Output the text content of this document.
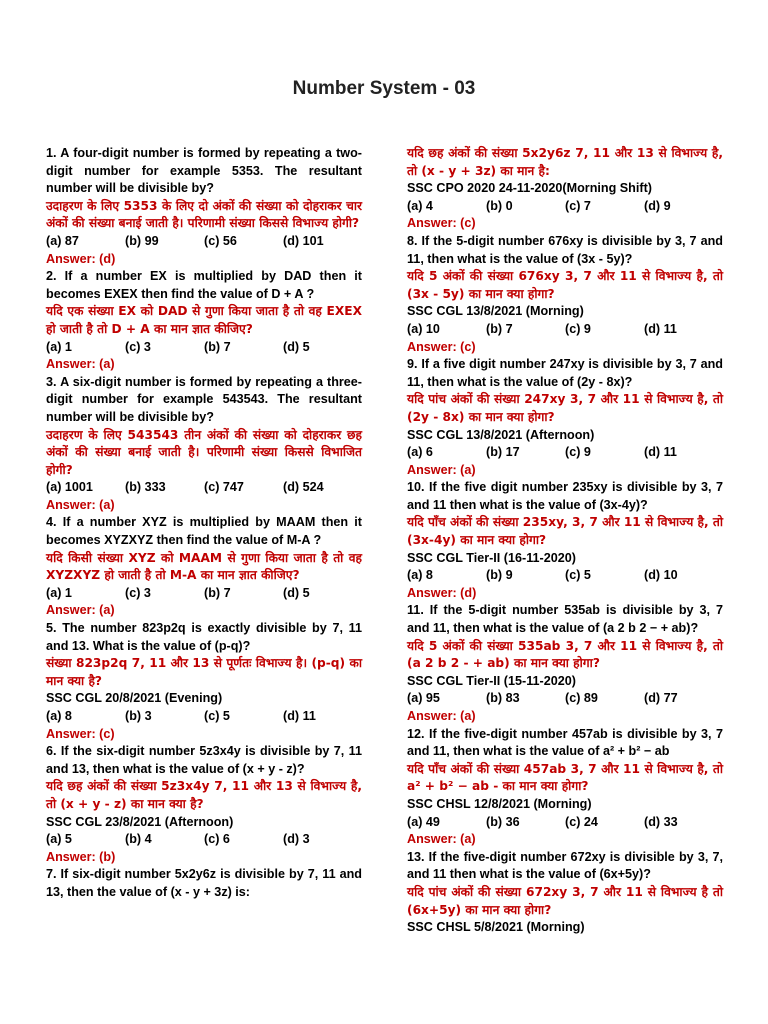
Number System - 03
1. A four-digit number is formed by repeating a two-digit number for example 5353. The resultant number will be divisible by?
उदाहरण के लिए 5353 के लिए दो अंकों की संख्या को दोहराकर चार अंकों की संख्या बनाई जाती है। परिणामी संख्या किससे विभाज्य होगी?
(a) 87	(b) 99	(c) 56	(d) 101
Answer: (d)
2. If a number EX is multiplied by DAD then it becomes EXEX then find the value of D + A ?
यदि एक संख्या EX को DAD से गुणा किया जाता है तो वह EXEX हो जाती है तो D + A का मान ज्ञात कीजिए?
(a) 1	(c) 3	(b) 7	(d) 5
Answer: (a)
3. A six-digit number is formed by repeating a three-digit number for example 543543. The resultant number will be divisible by?
उदाहरण के लिए 543543 तीन अंकों की संख्या को दोहराकर छह अंकों की संख्या बनाई जाती है। परिणामी संख्या किससे विभाजित होगी?
(a) 1001	(b) 333	(c) 747	(d) 524
Answer: (a)
4. If a number XYZ is multiplied by MAAM then it becomes XYZXYZ then find the value of M-A ?
यदि किसी संख्या XYZ को MAAM से गुणा किया जाता है तो वह XYZXYZ हो जाती है तो M-A का मान ज्ञात कीजिए?
(a) 1	(c) 3	(b) 7	(d) 5
Answer: (a)
5. The number 823p2q is exactly divisible by 7, 11 and 13. What is the value of (p-q)?
संख्या 823p2q 7, 11 और 13 से पूर्णतः विभाज्य है। (p-q) का मान क्या है?
SSC CGL 20/8/2021 (Evening)
(a) 8	(b) 3	(c) 5	(d) 11
Answer: (c)
6. If the six-digit number 5z3x4y is divisible by 7, 11 and 13, then what is the value of (x + y - z)?
यदि छह अंकों की संख्या 5z3x4y 7, 11 और 13 से विभाज्य है, तो (x + y - z) का मान क्या है?
SSC CGL 23/8/2021 (Afternoon)
(a) 5	(b) 4	(c) 6	(d) 3
Answer: (b)
7. If six-digit number 5x2y6z is divisible by 7, 11 and 13, then the value of (x - y + 3z) is:
यदि छह अंकों की संख्या 5x2y6z 7, 11 और 13 से विभाज्य है, तो (x - y + 3z) का मान है:
SSC CPO 2020 24-11-2020(Morning Shift)
(a) 4	(b) 0	(c) 7	(d) 9
Answer: (c)
8. If the 5-digit number 676xy is divisible by 3, 7 and 11, then what is the value of (3x - 5y)?
यदि 5 अंकों की संख्या 676xy 3, 7 और 11 से विभाज्य है, तो (3x - 5y) का मान क्या होगा?
SSC CGL 13/8/2021 (Morning)
(a) 10	(b) 7	(c) 9	(d) 11
Answer: (c)
9. If a five digit number 247xy is divisible by 3, 7 and 11, then what is the value of (2y - 8x)?
यदि पांच अंकों की संख्या 247xy 3, 7 और 11 से विभाज्य है, तो (2y - 8x) का मान क्या होगा?
SSC CGL 13/8/2021 (Afternoon)
(a) 6	(b) 17	(c) 9	(d) 11
Answer: (a)
10. If the five digit number 235xy is divisible by 3, 7 and 11 then what is the value of (3x-4y)?
यदि पाँच अंकों की संख्या 235xy, 3, 7 और 11 से विभाज्य है, तो (3x-4y) का मान क्या होगा?
SSC CGL Tier-II (16-11-2020)
(a) 8	(b) 9	(c) 5	(d) 10
Answer: (d)
11. If the 5-digit number 535ab is divisible by 3, 7 and 11, then what is the value of (a 2 b 2 − + ab)?
यदि 5 अंकों की संख्या 535ab 3, 7 और 11 से विभाज्य है, तो (a 2 b 2 - + ab) का मान क्या होगा?
SSC CGL Tier-II (15-11-2020)
(a) 95	(b) 83	(c) 89	(d) 77
Answer: (a)
12. If the five-digit number 457ab is divisible by 3, 7 and 11, then what is the value of a² + b² − ab
यदि पाँच अंकों की संख्या 457ab 3, 7 और 11 से विभाज्य है, तो a² + b² − ab - का मान क्या होगा?
SSC CHSL 12/8/2021 (Morning)
(a) 49	(b) 36	(c) 24	(d) 33
Answer: (a)
13. If the five-digit number 672xy is divisible by 3, 7, and 11 then what is the value of (6x+5y)?
यदि पांच अंकों की संख्या 672xy 3, 7 और 11 से विभाज्य है तो (6x+5y) का मान क्या होगा?
SSC CHSL 5/8/2021 (Morning)
